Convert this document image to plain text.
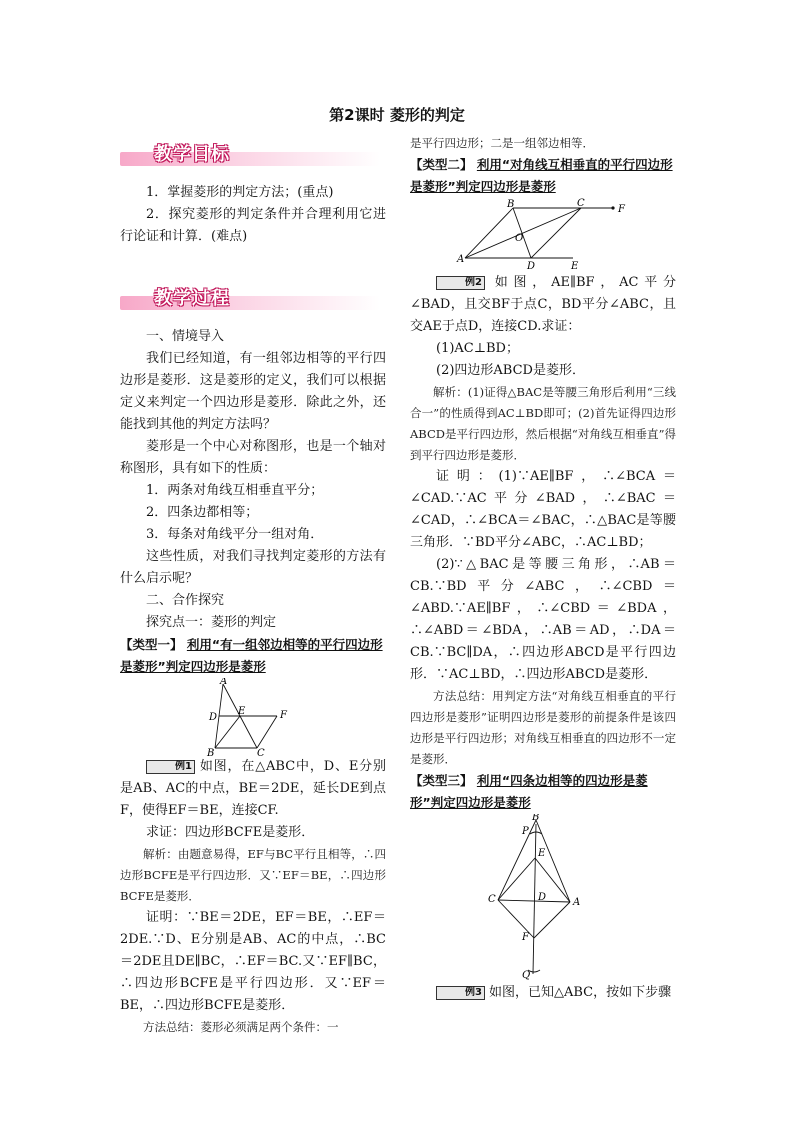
第2课时 菱形的判定
教学目标

1．掌握菱形的判定方法；(重点)

2．探究菱形的判定条件并合理利用它进行论证和计算．(难点)

教学过程

一、情境导入

我们已经知道，有一组邻边相等的平行四边形是菱形．这是菱形的定义，我们可以根据定义来判定一个四边形是菱形．除此之外，还能找到其他的判定方法吗？

菱形是一个中心对称图形，也是一个轴对称图形，具有如下的性质：

1．两条对角线互相垂直平分；

2．四条边都相等；

3．每条对角线平分一组对角．

这些性质，对我们寻找判定菱形的方法有什么启示呢？

二、合作探究

探究点一：菱形的判定

【类型一】 利用“有一组邻边相等的平行四边形是菱形”判定四边形是菱形

A
D
E	F
B	C

例1 如图，在△ABC中，D、E分别是AB、AC的中点，BE＝2DE，延长DE到点F，使得EF＝BE，连接CF.

求证：四边形BCFE是菱形．

解析：由题意易得，EF与BC平行且相等，∴四边形BCFE是平行四边形．又∵EF＝BE，∴四边形BCFE是菱形．

证明：∵BE＝2DE，EF＝BE，∴EF＝2DE.∵D、E分别是AB、AC的中点，∴BC＝2DE且DE∥BC，∴EF＝BC.又∵EF∥BC，∴四边形BCFE是平行四边形．又∵EF＝BE，∴四边形BCFE是菱形．

方法总结：菱形必须满足两个条件：一

是平行四边形；二是一组邻边相等．

【类型二】 利用“对角线互相垂直的平行四边形是菱形”判定四边形是菱形

A
B	C
F
O
D	E

例2 如图，AE∥BF，AC平分∠BAD，且交BF于点C，BD平分∠ABC，且交AE于点D，连接CD.求证：

(1)AC⊥BD；

(2)四边形ABCD是菱形．

解析：(1)证得△BAC是等腰三角形后利用“三线合一”的性质得到AC⊥BD即可；(2)首先证得四边形ABCD是平行四边形，然后根据“对角线互相垂直”得到平行四边形是菱形．

证明：(1)∵AE∥BF，∴∠BCA＝∠CAD.∵AC平分∠BAD，∴∠BAC＝∠CAD，∴∠BCA＝∠BAC，∴△BAC是等腰三角形．∵BD平分∠ABC，∴AC⊥BD；

(2)∵△BAC是等腰三角形，∴AB＝CB.∵BD平分∠ABC，∴∠CBD＝∠ABD.∵AE∥BF，∴∠CBD＝∠BDA，∴∠ABD＝∠BDA，∴AB＝AD，∴DA＝CB.∵BC∥DA，∴四边形ABCD是平行四边形．∵AC⊥BD，∴四边形ABCD是菱形．

方法总结：用判定方法“对角线互相垂直的平行四边形是菱形”证明四边形是菱形的前提条件是该四边形是平行四边形；对角线互相垂直的四边形不一定是菱形．

【类型三】 利用“四条边相等的四边形是菱形”判定四边形是菱形

B
P
E
C	D	A
F
Q

例3 如图，已知△ABC，按如下步骤
